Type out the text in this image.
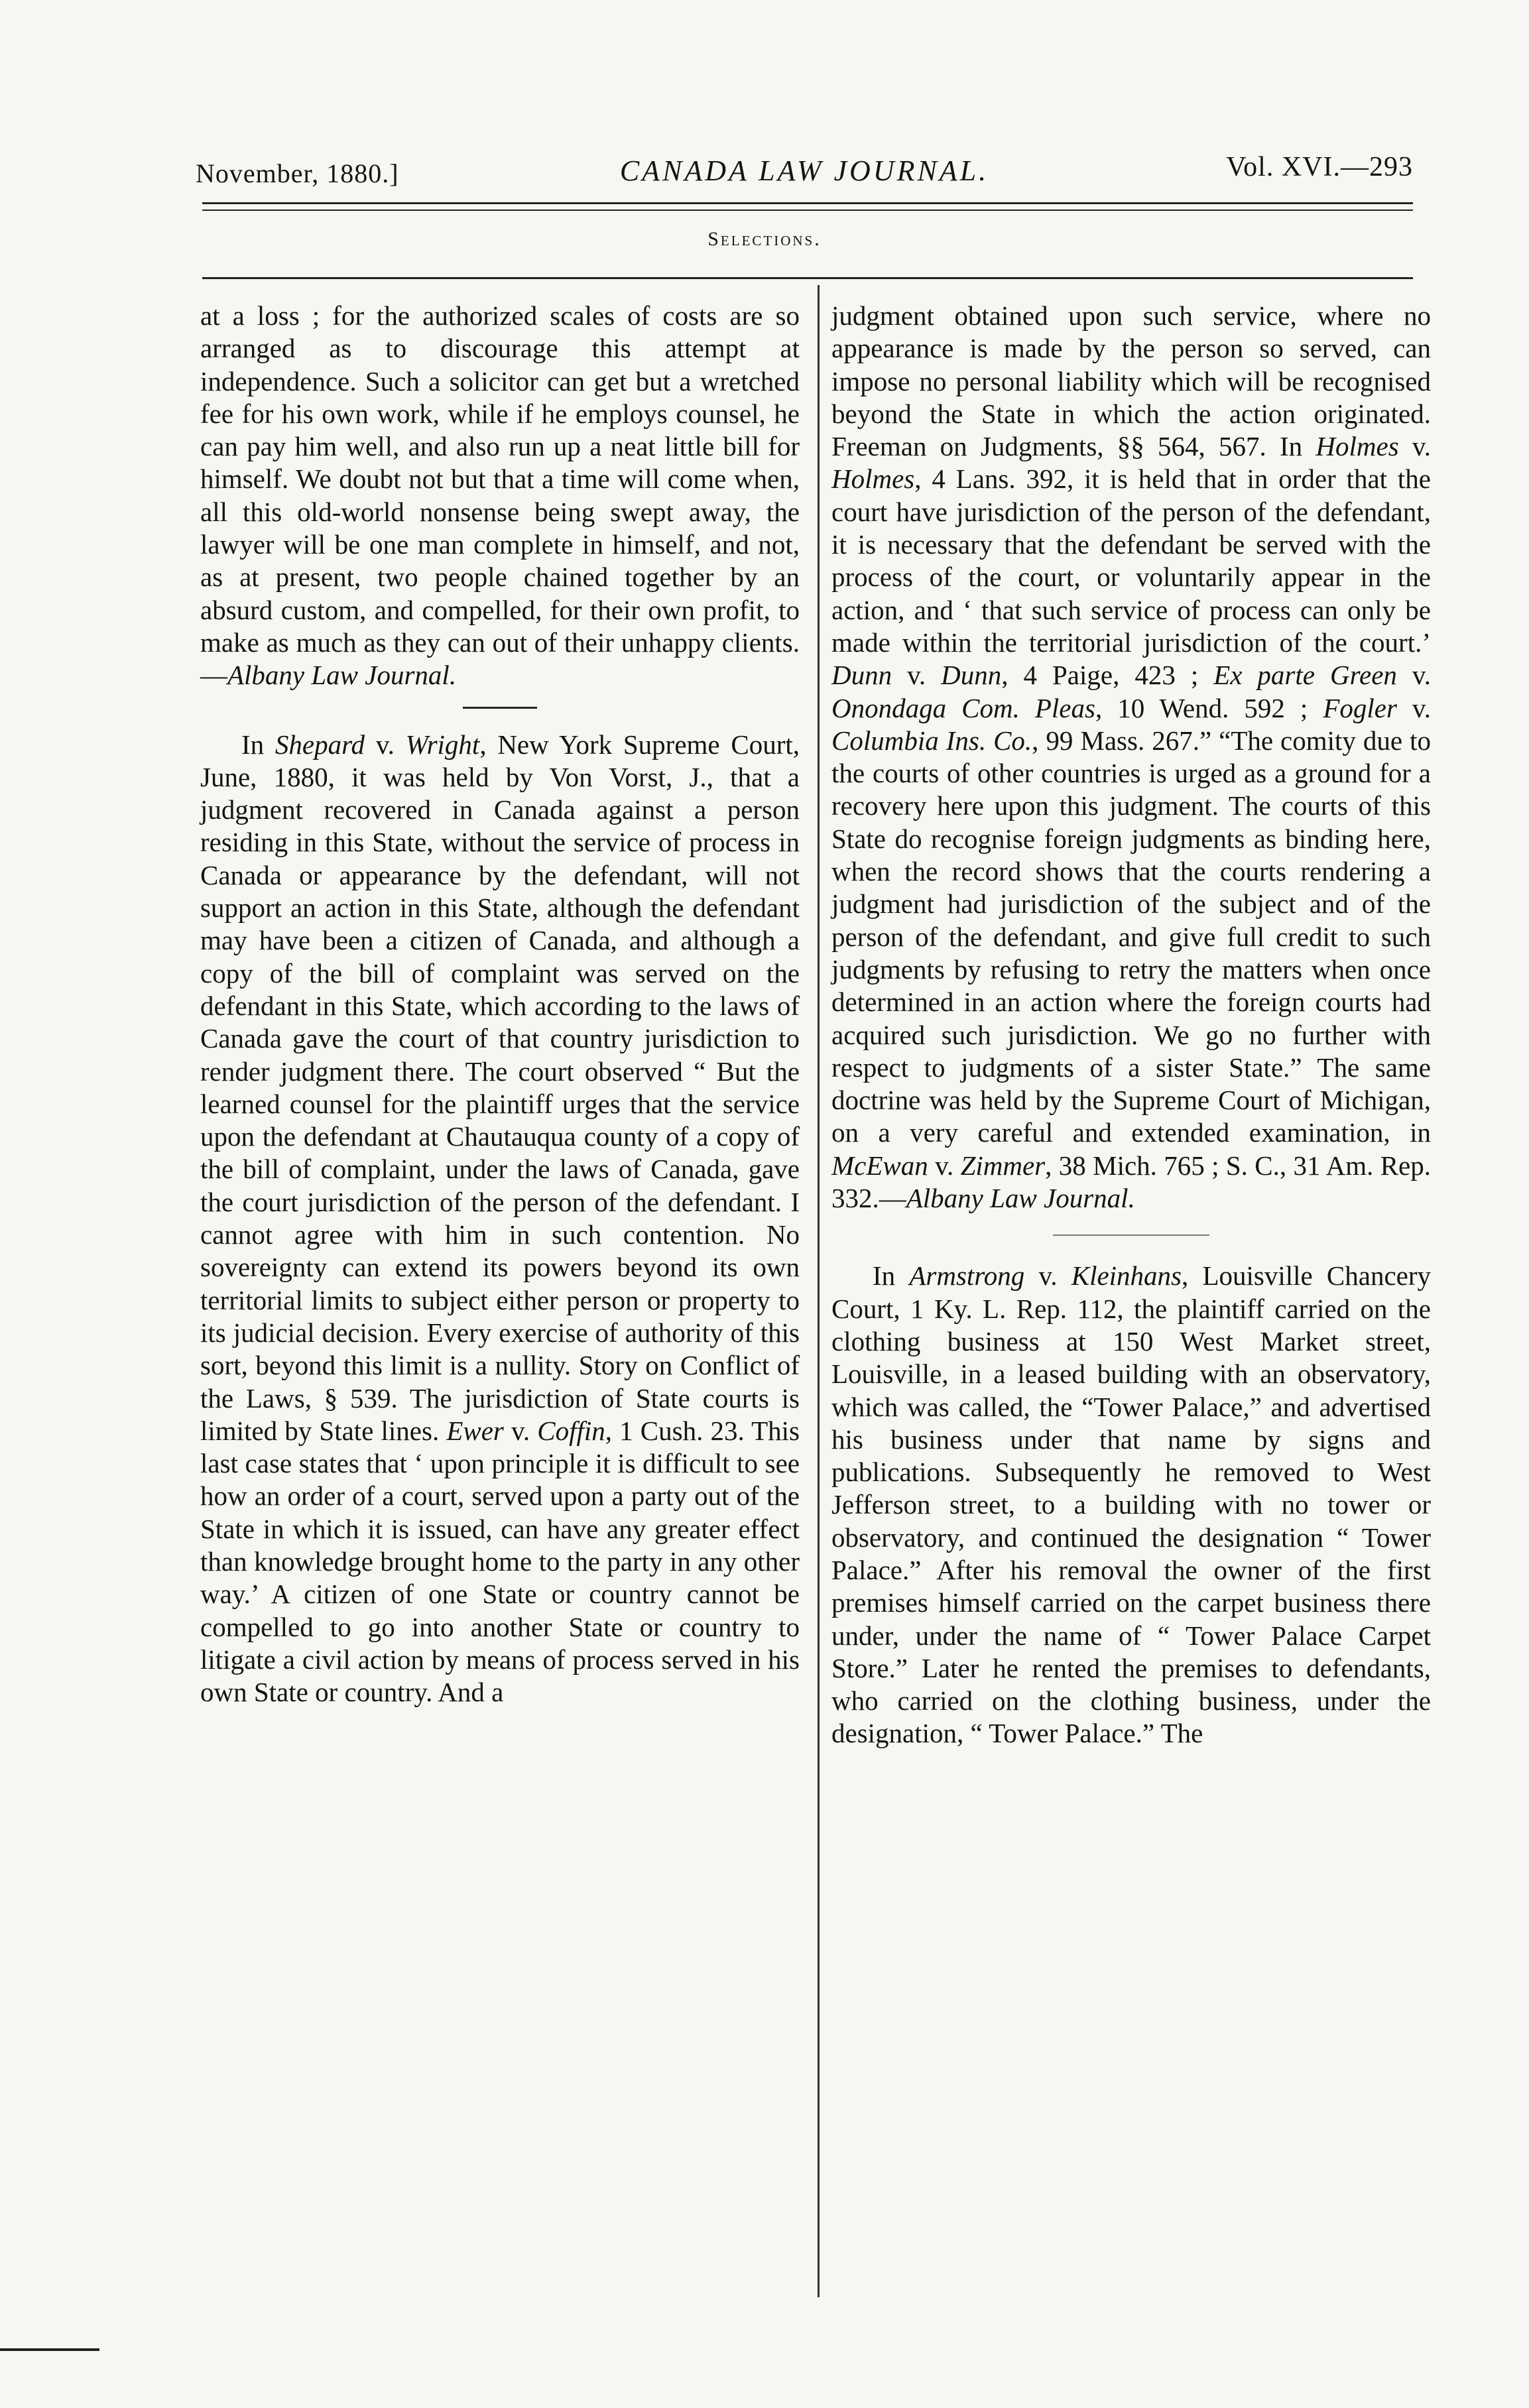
November, 1880.]	CANADA LAW JOURNAL.	Vol. XVI.—293
Selections.

at a loss ; for the authorized scales of costs are so arranged as to discourage this attempt at independence. Such a solicitor can get but a wretched fee for his own work, while if he employs counsel, he can pay him well, and also run up a neat little bill for himself. We doubt not but that a time will come when, all this old-world nonsense being swept away, the lawyer will be one man complete in himself, and not, as at present, two people chained together by an absurd custom, and compelled, for their own profit, to make as much as they can out of their unhappy clients.—Albany Law Journal.

In Shepard v. Wright, New York Supreme Court, June, 1880, it was held by Von Vorst, J., that a judgment recovered in Canada against a person residing in this State, without the service of process in Canada or appearance by the defendant, will not support an action in this State, although the defendant may have been a citizen of Canada, and although a copy of the bill of complaint was served on the defendant in this State, which according to the laws of Canada gave the court of that country jurisdiction to render judgment there. The court observed “ But the learned counsel for the plaintiff urges that the service upon the defendant at Chautauqua county of a copy of the bill of complaint, under the laws of Canada, gave the court jurisdiction of the person of the defendant. I cannot agree with him in such contention. No sovereignty can extend its powers beyond its own territorial limits to subject either person or property to its judicial decision. Every exercise of authority of this sort, beyond this limit is a nullity. Story on Conflict of the Laws, § 539. The jurisdiction of State courts is limited by State lines. Ewer v. Coffin, 1 Cush. 23. This last case states that ‘ upon principle it is difficult to see how an order of a court, served upon a party out of the State in which it is issued, can have any greater effect than knowledge brought home to the party in any other way.’ A citizen of one State or country cannot be compelled to go into another State or country to litigate a civil action by means of process served in his own State or country. And a

judgment obtained upon such service, where no appearance is made by the person so served, can impose no personal liability which will be recognised beyond the State in which the action originated. Freeman on Judgments, §§ 564, 567. In Holmes v. Holmes, 4 Lans. 392, it is held that in order that the court have jurisdiction of the person of the defendant, it is necessary that the defendant be served with the process of the court, or voluntarily appear in the action, and ‘ that such service of process can only be made within the territorial jurisdiction of the court.’ Dunn v. Dunn, 4 Paige, 423 ; Ex parte Green v. Onondaga Com. Pleas, 10 Wend. 592 ; Fogler v. Columbia Ins. Co., 99 Mass. 267.” “The comity due to the courts of other countries is urged as a ground for a recovery here upon this judgment. The courts of this State do recognise foreign judgments as binding here, when the record shows that the courts rendering a judgment had jurisdiction of the subject and of the person of the defendant, and give full credit to such judgments by refusing to retry the matters when once determined in an action where the foreign courts had acquired such jurisdiction. We go no further with respect to judgments of a sister State.” The same doctrine was held by the Supreme Court of Michigan, on a very careful and extended examination, in McEwan v. Zimmer, 38 Mich. 765 ; S. C., 31 Am. Rep. 332.—Albany Law Journal.

In Armstrong v. Kleinhans, Louisville Chancery Court, 1 Ky. L. Rep. 112, the plaintiff carried on the clothing business at 150 West Market street, Louisville, in a leased building with an observatory, which was called, the “Tower Palace,” and advertised his business under that name by signs and publications. Subsequently he removed to West Jefferson street, to a building with no tower or observatory, and continued the designation “ Tower Palace.” After his removal the owner of the first premises himself carried on the carpet business there under, under the name of “ Tower Palace Carpet Store.” Later he rented the premises to defendants, who carried on the clothing business, under the designation, “ Tower Palace.” The
